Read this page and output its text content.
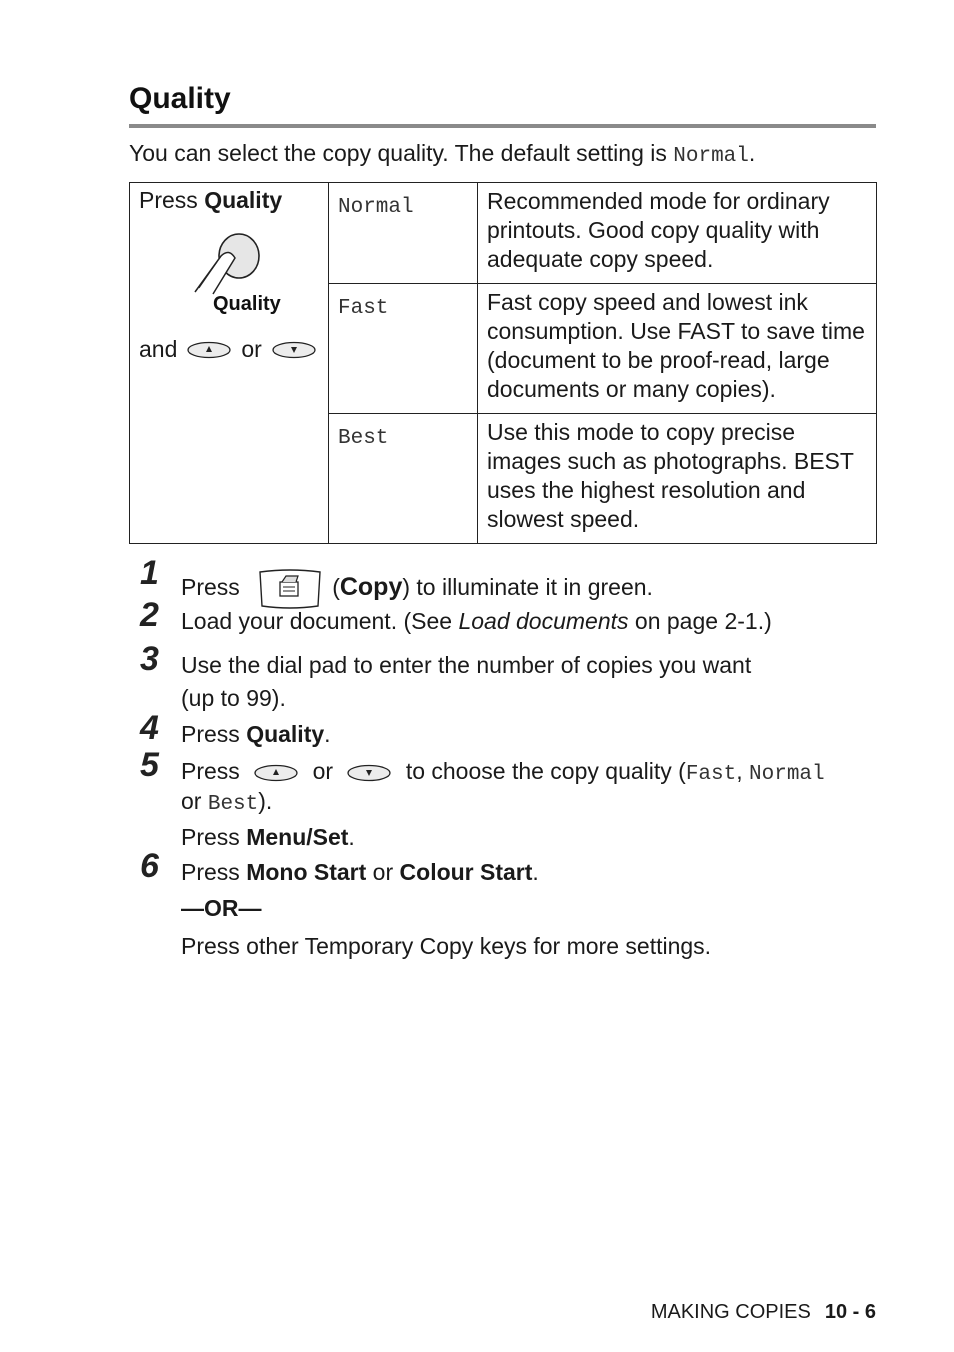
Quality
You can select the copy quality. The default setting is Normal.
Press Quality
Quality
and or	Normal	Recommended mode for ordinary printouts. Good copy quality with adequate copy speed.
	Fast	Fast copy speed and lowest ink consumption. Use FAST to save time (document to be proof-read, large documents or many copies).
	Best	Use this mode to copy precise images such as photographs. BEST uses the highest resolution and slowest speed.
1 Press	(Copy) to illuminate it in green.
2 Load your document. (See Load documents on page 2-1.)
3 Use the dial pad to enter the number of copies you want
(up to 99).
4 Press Quality.
5 Press	or	to choose the copy quality (Fast, Normal
or Best).
Press Menu/Set.
6 Press Mono Start or Colour Start.
—OR—
Press other Temporary Copy keys for more settings.
MAKING COPIES 10 - 6
